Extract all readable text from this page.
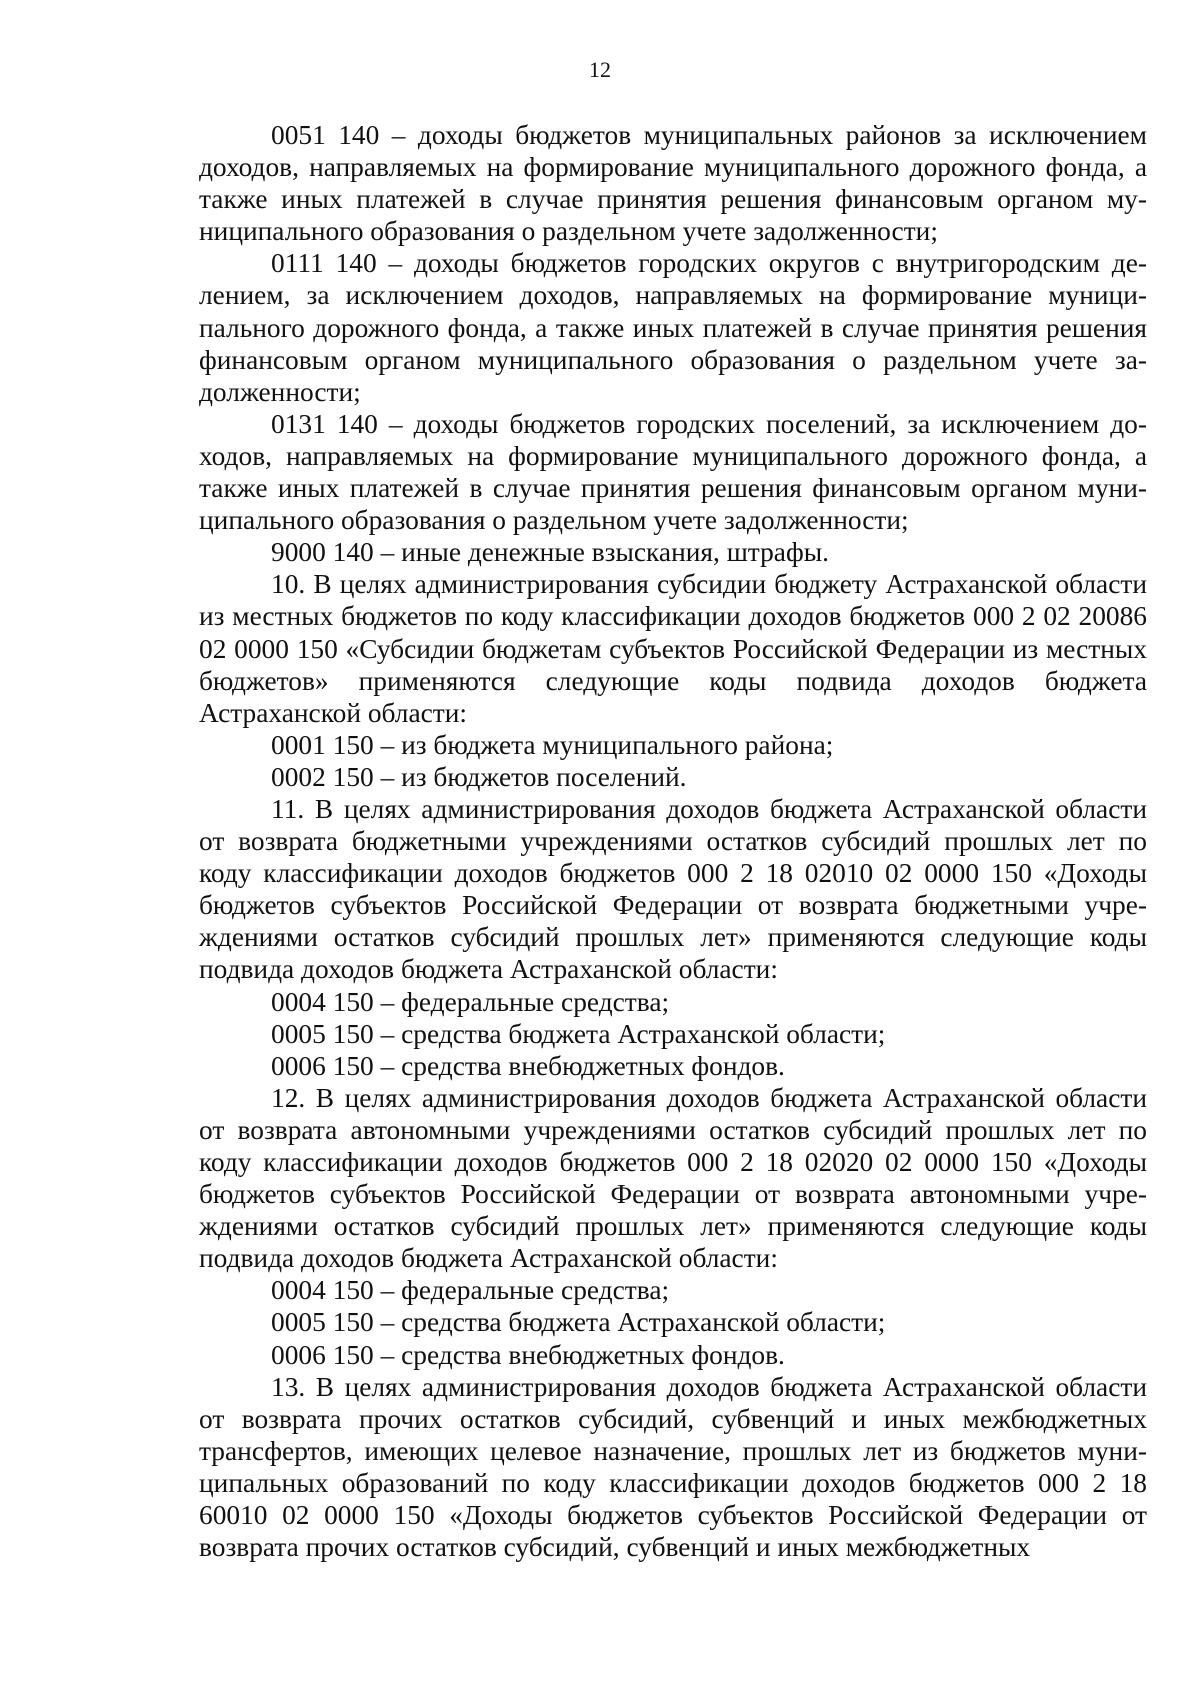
12

0051 140 – доходы бюджетов муниципальных районов за исключением доходов, направляемых на формирование муниципального дорожного фонда, а также иных платежей в случае принятия решения финансовым органом муниципального образования о раздельном учете задолженности;

0111 140 – доходы бюджетов городских округов с внутригородским делением, за исключением доходов, направляемых на формирование муниципального дорожного фонда, а также иных платежей в случае принятия решения финансовым органом муниципального образования о раздельном учете задолженности;

0131 140 – доходы бюджетов городских поселений, за исключением доходов, направляемых на формирование муниципального дорожного фонда, а также иных платежей в случае принятия решения финансовым органом муниципального образования о раздельном учете задолженности;

9000 140 – иные денежные взыскания, штрафы.

10. В целях администрирования субсидии бюджету Астраханской области из местных бюджетов по коду классификации доходов бюджетов 000 2 02 20086 02 0000 150 «Субсидии бюджетам субъектов Российской Федерации из местных бюджетов» применяются следующие коды подвида доходов бюджета Астраханской области:

0001 150 – из бюджета муниципального района;

0002 150 – из бюджетов поселений.

11. В целях администрирования доходов бюджета Астраханской области от возврата бюджетными учреждениями остатков субсидий прошлых лет по коду классификации доходов бюджетов 000 2 18 02010 02 0000 150 «Доходы бюджетов субъектов Российской Федерации от возврата бюджетными учреждениями остатков субсидий прошлых лет» применяются следующие коды подвида доходов бюджета Астраханской области:

0004 150 – федеральные средства;

0005 150 – средства бюджета Астраханской области;

0006 150 – средства внебюджетных фондов.

12. В целях администрирования доходов бюджета Астраханской области от возврата автономными учреждениями остатков субсидий прошлых лет по коду классификации доходов бюджетов 000 2 18 02020 02 0000 150 «Доходы бюджетов субъектов Российской Федерации от возврата автономными учреждениями остатков субсидий прошлых лет» применяются следующие коды подвида доходов бюджета Астраханской области:

0004 150 – федеральные средства;

0005 150 – средства бюджета Астраханской области;

0006 150 – средства внебюджетных фондов.

13. В целях администрирования доходов бюджета Астраханской области от возврата прочих остатков субсидий, субвенций и иных межбюджетных трансфертов, имеющих целевое назначение, прошлых лет из бюджетов муниципальных образований по коду классификации доходов бюджетов 000 2 18 60010 02 0000 150 «Доходы бюджетов субъектов Российской Федерации от возврата прочих остатков субсидий, субвенций и иных межбюджетных
